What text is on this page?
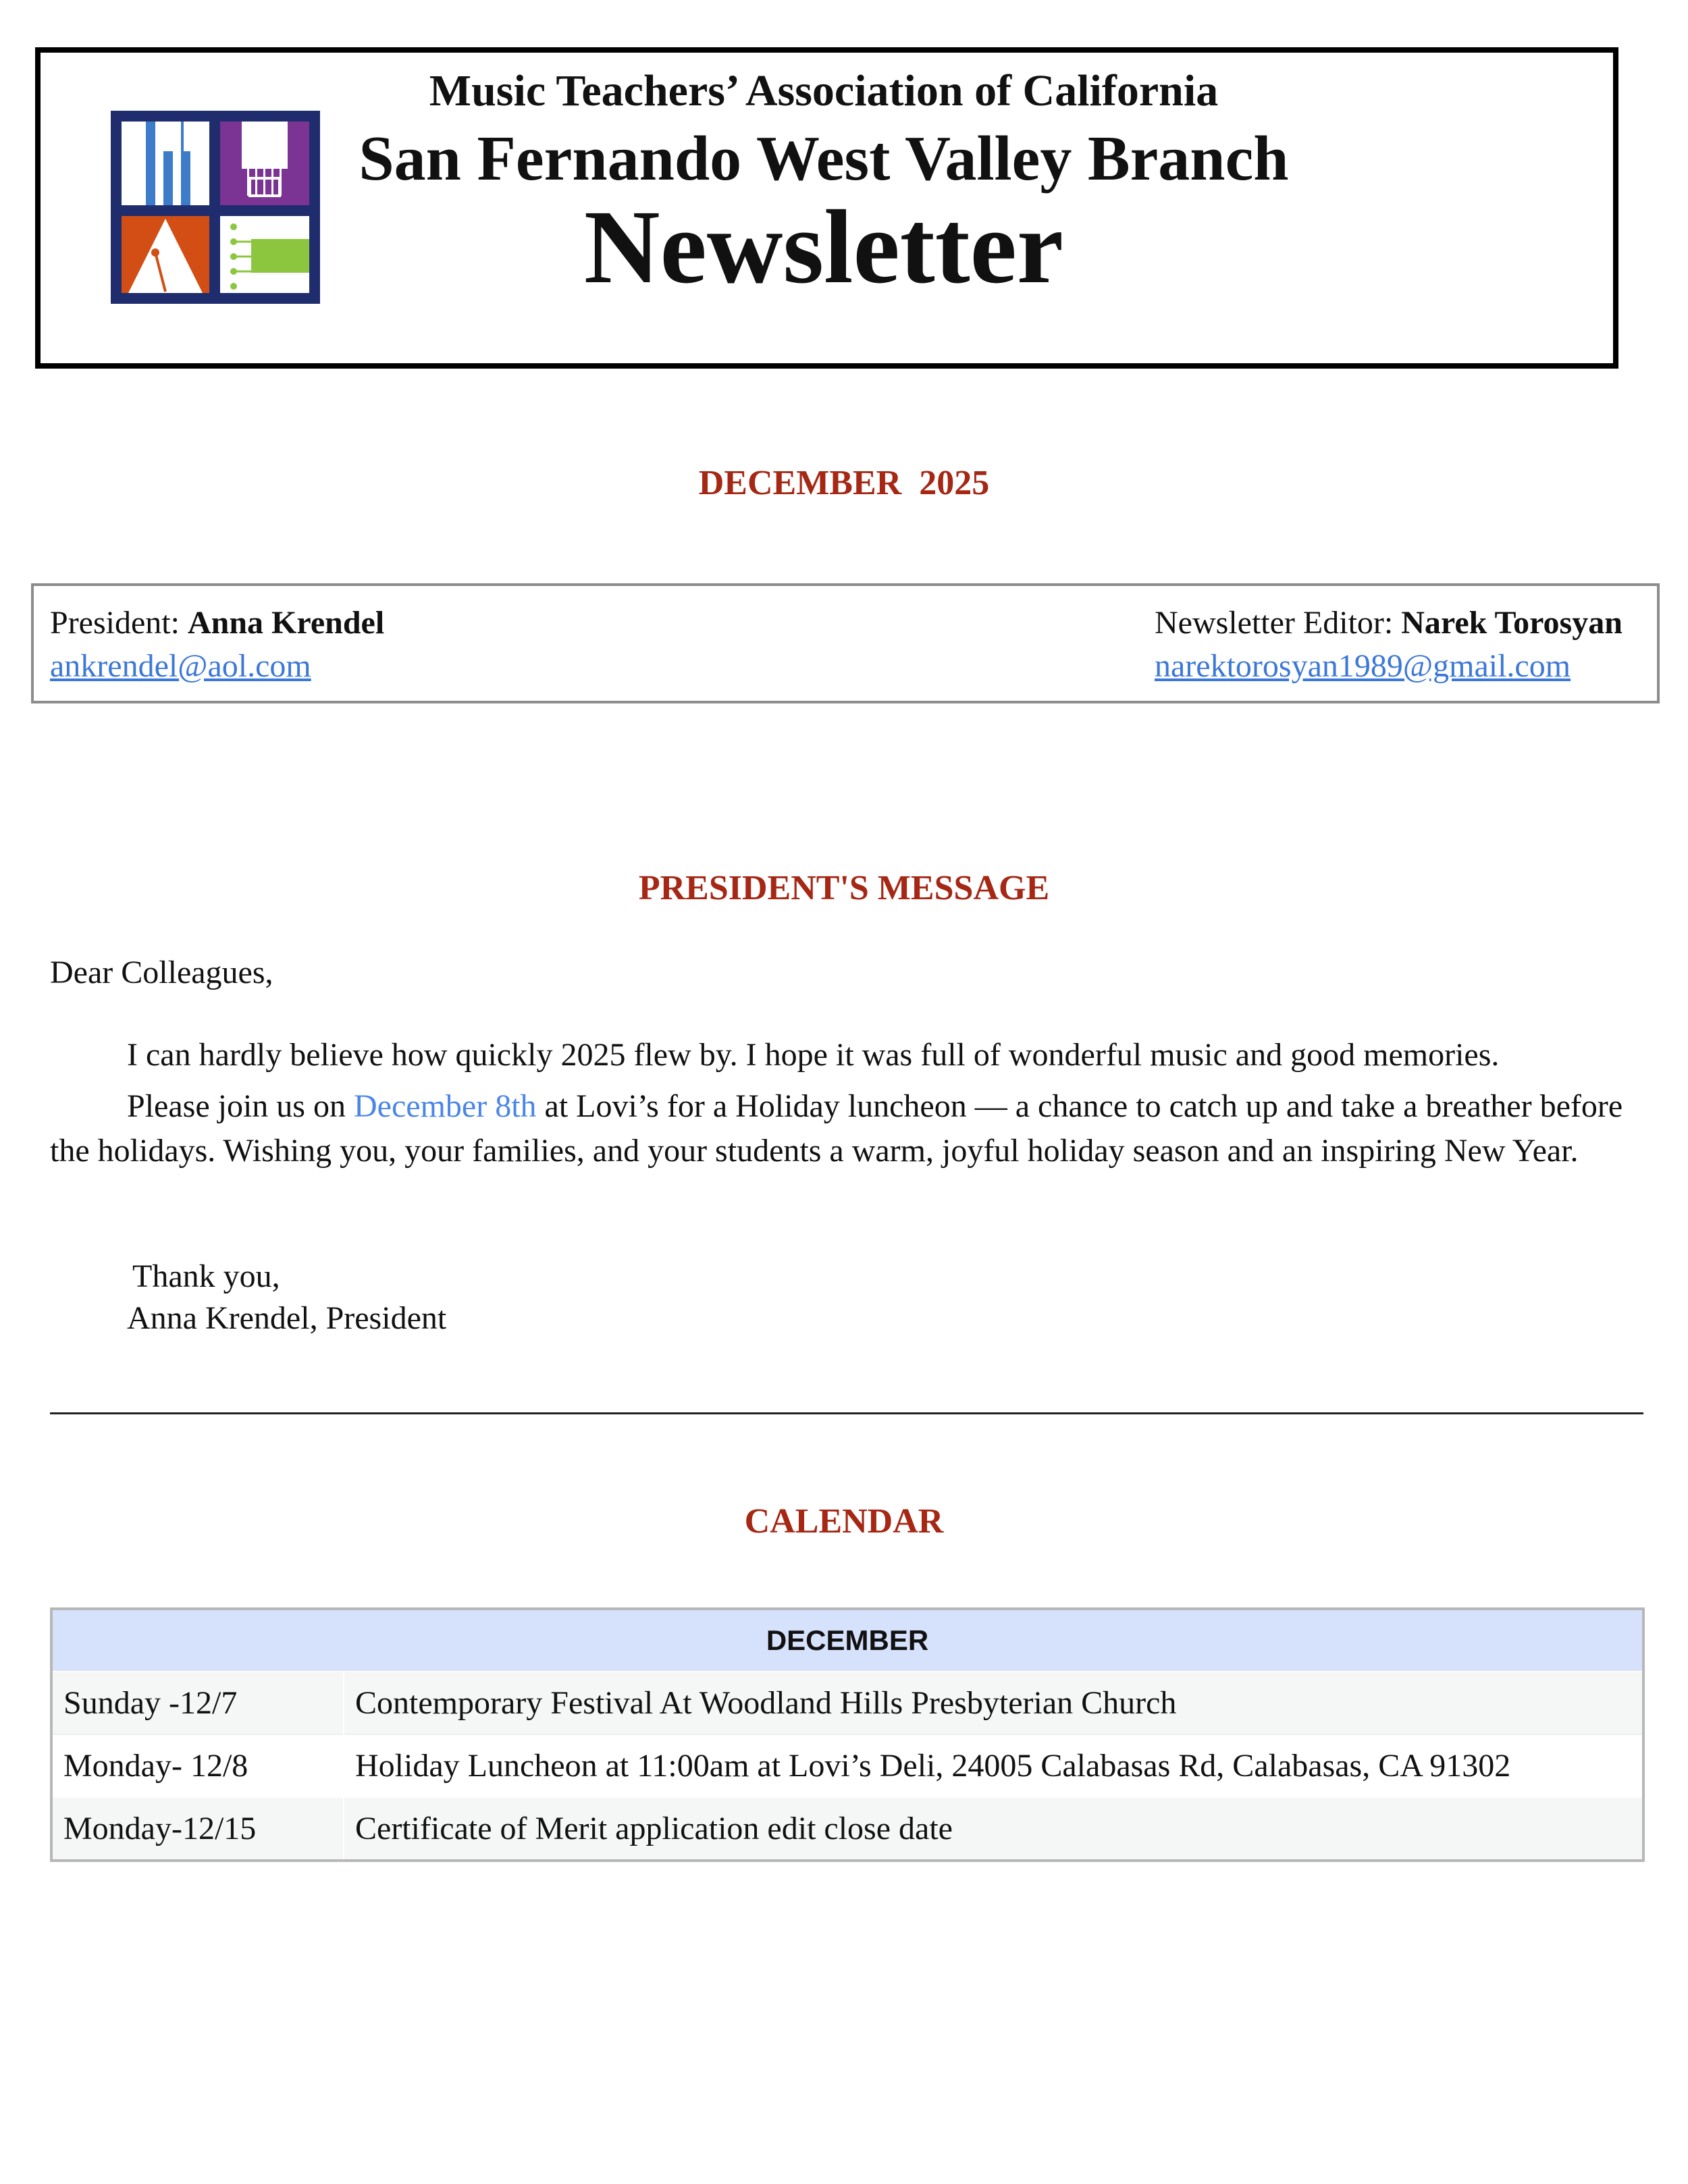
Music Teachers’ Association of California
San Fernando West Valley Branch
Newsletter
DECEMBER  2025
President: Anna Krendel
ankrendel@aol.com
Newsletter Editor: Narek Torosyan
narektorosyan1989@gmail.com
PRESIDENT'S MESSAGE
Dear Colleagues,
I can hardly believe how quickly 2025 flew by. I hope it was full of wonderful music and good memories.
Please join us on December 8th at Lovi’s for a Holiday luncheon — a chance to catch up and take a breather before the holidays. Wishing you, your families, and your students a warm, joyful holiday season and an inspiring New Year.
Thank you,
Anna Krendel, President
CALENDAR
DECEMBER	
Sunday -12/7	Contemporary Festival At Woodland Hills Presbyterian Church
Monday- 12/8	Holiday Luncheon at 11:00am at Lovi’s Deli, 24005 Calabasas Rd, Calabasas, CA 91302
Monday-12/15	Certificate of Merit application edit close date
